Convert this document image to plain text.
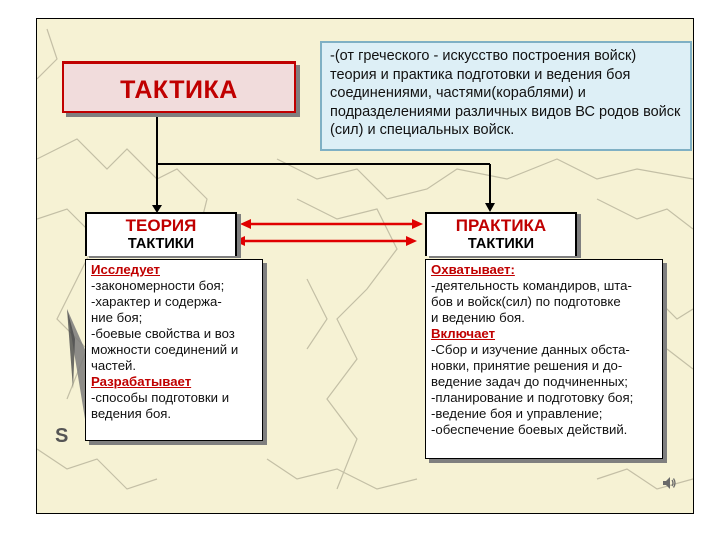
ТАКТИКА
-(от греческого - искусство построения войск) теория и практика подготовки и ведения боя соединениями, частями(кораблями) и подразделениями различных видов ВС родов войск (сил) и специальных войск.
ТЕОРИЯ
ТАКТИКИ
ПРАКТИКА
ТАКТИКИ
Исследует
-закономерности боя;
-характер и содержа-
ние боя;
-боевые свойства и воз
можности соединений и
частей.
Разрабатывает
-способы подготовки и
ведения боя.
Охватывает:
-деятельность командиров, шта-
бов и войск(сил) по подготовке
и ведению боя.
Включает
-Сбор и изучение данных обста-
новки, принятие решения и до-
ведение задач до подчиненных;
-планирование и подготовку боя;
-ведение боя и управление;
-обеспечение боевых действий.
S
